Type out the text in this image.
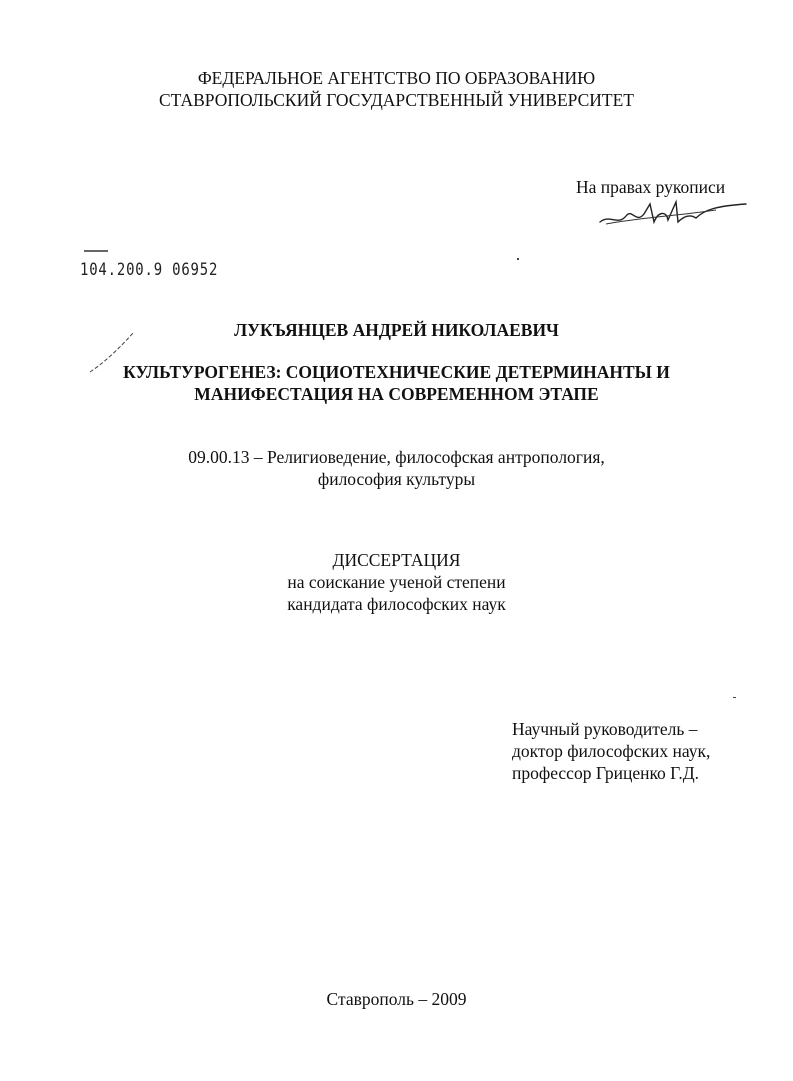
ФЕДЕРАЛЬНОЕ АГЕНТСТВО ПО ОБРАЗОВАНИЮ
СТАВРОПОЛЬСКИЙ ГОСУДАРСТВЕННЫЙ УНИВЕРСИТЕТ
На правах рукописи
104.200.9 06952
ЛУКЪЯНЦЕВ АНДРЕЙ НИКОЛАЕВИЧ
КУЛЬТУРОГЕНЕЗ: СОЦИОТЕХНИЧЕСКИЕ ДЕТЕРМИНАНТЫ И
МАНИФЕСТАЦИЯ НА СОВРЕМЕННОМ ЭТАПЕ
09.00.13 – Религиоведение, философская антропология,
философия культуры
ДИССЕРТАЦИЯ
на соискание ученой степени
кандидата философских наук
Научный руководитель –
доктор философских наук,
профессор Гриценко Г.Д.
Ставрополь – 2009
